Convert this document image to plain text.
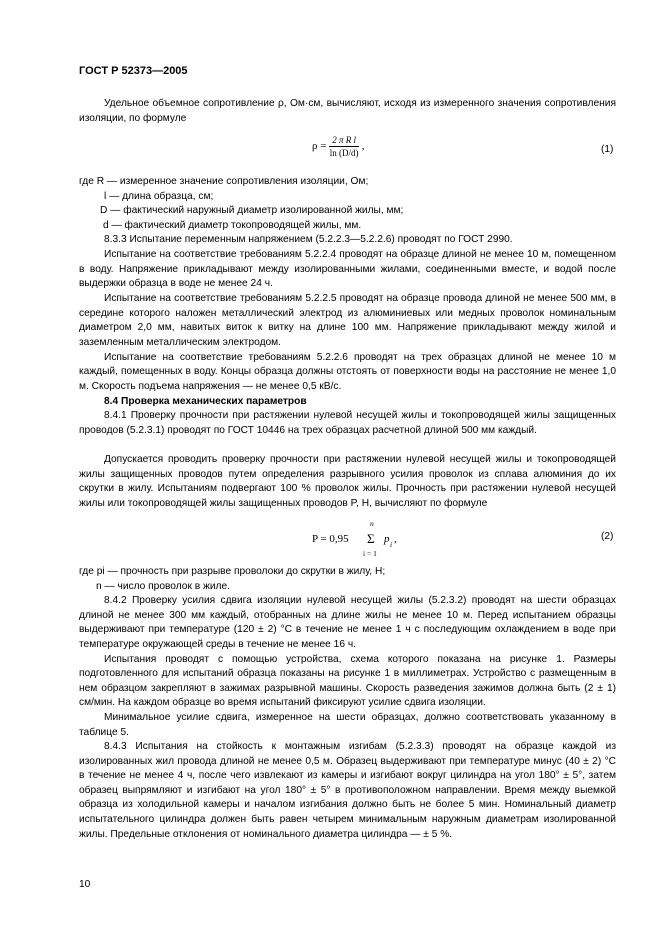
ГОСТ Р 52373—2005
Удельное объемное сопротивление ρ, Ом·см, вычисляют, исходя из измеренного значения сопротивления изоляции, по формуле
$\rho = \frac{\text{2 π R l}}{\ln (D/d)}$ ,	(1)
где R — измеренное значение сопротивления изоляции, Ом;
l — длина образца, см;
D — фактический наружный диаметр изолированной жилы, мм;
d — фактический диаметр токопроводящей жилы, мм.
8.3.3 Испытание переменным напряжением (5.2.2.3—5.2.2.6) проводят по ГОСТ 2990.
Испытание на соответствие требованиям 5.2.2.4 проводят на образце длиной не менее 10 м, помещенном в воду. Напряжение прикладывают между изолированными жилами, соединенными вместе, и водой после выдержки образца в воде не менее 24 ч.
Испытание на соответствие требованиям 5.2.2.5 проводят на образце провода длиной не менее 500 мм, в середине которого наложен металлический электрод из алюминиевых или медных проволок номинальным диаметром 2,0 мм, навитых виток к витку на длине 100 мм. Напряжение прикладывают между жилой и заземленным металлическим электродом.
Испытание на соответствие требованиям 5.2.2.6 проводят на трех образцах длиной не менее 10 м каждый, помещенных в воду. Концы образца должны отстоять от поверхности воды на расстояние не менее 1,0 м. Скорость подъема напряжения — не менее 0,5 кВ/с.
8.4 Проверка механических параметров
8.4.1 Проверку прочности при растяжении нулевой несущей жилы и токопроводящей жилы защищенных проводов (5.2.3.1) проводят по ГОСТ 10446 на трех образцах расчетной длиной 500 мм каждый.
Допускается проводить проверку прочности при растяжении нулевой несущей жилы и токопроводящей жилы защищенных проводов путем определения разрывного усилия проволок из сплава алюминия до их скрутки в жилу. Испытаниям подвергают 100 % проволок жилы. Прочность при растяжении нулевой несущей жилы или токопроводящей жилы защищенных проводов P, Н, вычисляют по формуле
P = 0,95
n
Σ
i = 1
p i ,	(2)
где pi — прочность при разрыве проволоки до скрутки в жилу, Н;
n — число проволок в жиле.
8.4.2 Проверку усилия сдвига изоляции нулевой несущей жилы (5.2.3.2) проводят на шести образцах длиной не менее 300 мм каждый, отобранных на длине жилы не менее 10 м. Перед испытанием образцы выдерживают при температуре (120 ± 2) °С в течение не менее 1 ч с последующим охлаждением в воде при температуре окружающей среды в течение не менее 16 ч.
Испытания проводят с помощью устройства, схема которого показана на рисунке 1. Размеры подготовленного для испытаний образца показаны на рисунке 1 в миллиметрах. Устройство с размещенным в нем образцом закрепляют в зажимах разрывной машины. Скорость разведения зажимов должна быть (2 ± 1) см/мин. На каждом образце во время испытаний фиксируют усилие сдвига изоляции.
Минимальное усилие сдвига, измеренное на шести образцах, должно соответствовать указанному в таблице 5.
8.4.3 Испытания на стойкость к монтажным изгибам (5.2.3.3) проводят на образце каждой из изолированных жил провода длиной не менее 0,5 м. Образец выдерживают при температуре минус (40 ± 2) °С в течение не менее 4 ч, после чего извлекают из камеры и изгибают вокруг цилиндра на угол 180° ± 5°, затем образец выпрямляют и изгибают на угол 180° ± 5° в противоположном направлении. Время между выемкой образца из холодильной камеры и началом изгибания должно быть не более 5 мин. Номинальный диаметр испытательного цилиндра должен быть равен четырем минимальным наружным диаметрам изолированной жилы. Предельные отклонения от номинального диаметра цилиндра — ± 5 %.
10
